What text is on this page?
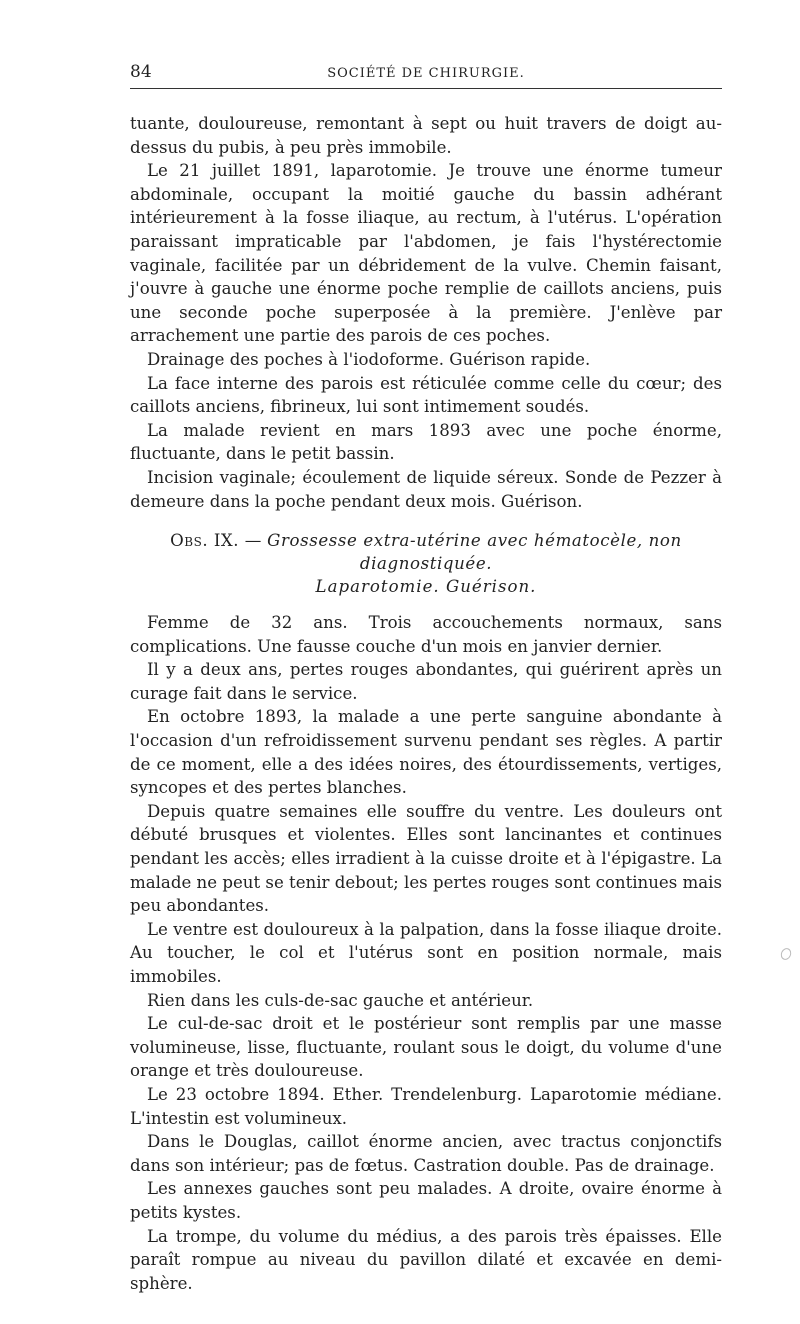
84	SOCIÉTÉ DE CHIRURGIE.

tuante, douloureuse, remontant à sept ou huit travers de doigt au-dessus du pubis, à peu près immobile.

Le 21 juillet 1891, laparotomie. Je trouve une énorme tumeur abdominale, occupant la moitié gauche du bassin adhérant intérieurement à la fosse iliaque, au rectum, à l'utérus. L'opération paraissant impraticable par l'abdomen, je fais l'hystérectomie vaginale, facilitée par un débridement de la vulve. Chemin faisant, j'ouvre à gauche une énorme poche remplie de caillots anciens, puis une seconde poche superposée à la première. J'enlève par arrachement une partie des parois de ces poches.

Drainage des poches à l'iodoforme. Guérison rapide.

La face interne des parois est réticulée comme celle du cœur; des caillots anciens, fibrineux, lui sont intimement soudés.

La malade revient en mars 1893 avec une poche énorme, fluctuante, dans le petit bassin.

Incision vaginale; écoulement de liquide séreux. Sonde de Pezzer à demeure dans la poche pendant deux mois. Guérison.

Obs. IX. — Grossesse extra-utérine avec hématocèle, non diagnostiquée.
Laparotomie. Guérison.

Femme de 32 ans. Trois accouchements normaux, sans complications. Une fausse couche d'un mois en janvier dernier.

Il y a deux ans, pertes rouges abondantes, qui guérirent après un curage fait dans le service.

En octobre 1893, la malade a une perte sanguine abondante à l'occasion d'un refroidissement survenu pendant ses règles. A partir de ce moment, elle a des idées noires, des étourdissements, vertiges, syncopes et des pertes blanches.

Depuis quatre semaines elle souffre du ventre. Les douleurs ont débuté brusques et violentes. Elles sont lancinantes et continues pendant les accès; elles irradient à la cuisse droite et à l'épigastre. La malade ne peut se tenir debout; les pertes rouges sont continues mais peu abondantes.

Le ventre est douloureux à la palpation, dans la fosse iliaque droite. Au toucher, le col et l'utérus sont en position normale, mais immobiles.

Rien dans les culs-de-sac gauche et antérieur.

Le cul-de-sac droit et le postérieur sont remplis par une masse volumineuse, lisse, fluctuante, roulant sous le doigt, du volume d'une orange et très douloureuse.

Le 23 octobre 1894. Ether. Trendelenburg. Laparotomie médiane. L'intestin est volumineux.

Dans le Douglas, caillot énorme ancien, avec tractus conjonctifs dans son intérieur; pas de fœtus. Castration double. Pas de drainage.

Les annexes gauches sont peu malades. A droite, ovaire énorme à petits kystes.

La trompe, du volume du médius, a des parois très épaisses. Elle paraît rompue au niveau du pavillon dilaté et excavée en demi-sphère.
